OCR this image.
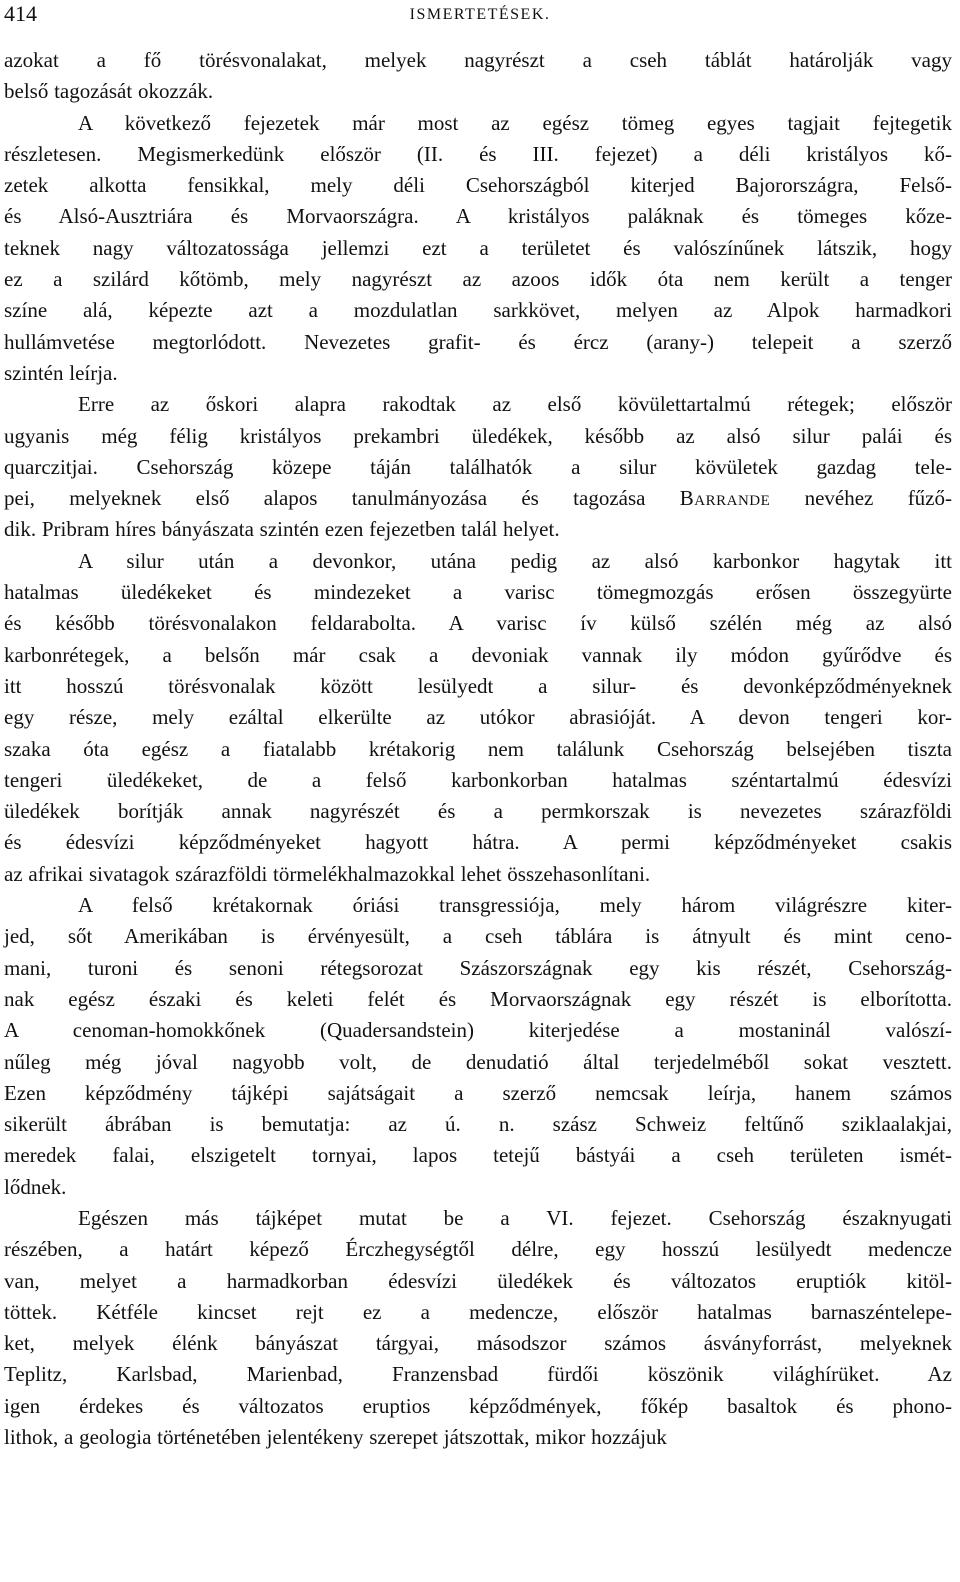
414	ISMERTETÉSEK.

azokat a fő törésvonalakat, melyek nagyrészt a cseh táblát határolják vagy
belső tagozását okozzák.

A következő fejezetek már most az egész tömeg egyes tagjait fejtegetik
részletesen. Megismerkedünk először (II. és III. fejezet) a déli kristályos kő-
zetek alkotta fensikkal, mely déli Csehországból kiterjed Bajorországra, Felső-
és Alsó-Ausztriára és Morvaországra. A kristályos paláknak és tömeges kőze-
teknek nagy változatossága jellemzi ezt a területet és valószínűnek látszik, hogy
ez a szilárd kőtömb, mely nagyrészt az azoos idők óta nem került a tenger
színe alá, képezte azt a mozdulatlan sarkkövet, melyen az Alpok harmadkori
hullámvetése megtorlódott. Nevezetes grafit- és ércz (arany-) telepeit a szerző
szintén leírja.

Erre az őskori alapra rakodtak az első kövülettartalmú rétegek; először
ugyanis még félig kristályos prekambri üledékek, később az alsó silur palái és
quarczitjai. Csehország közepe táján találhatók a silur kövületek gazdag tele-
pei, melyeknek első alapos tanulmányozása és tagozása Barrande nevéhez fűző-
dik. Pribram híres bányászata szintén ezen fejezetben talál helyet.

A silur után a devonkor, utána pedig az alsó karbonkor hagytak itt
hatalmas üledékeket és mindezeket a varisc tömegmozgás erősen összegyürte
és később törésvonalakon feldarabolta. A varisc ív külső szélén még az alsó
karbonrétegek, a belsőn már csak a devoniak vannak ily módon gyűrődve és
itt hosszú törésvonalak között lesülyedt a silur- és devonképződményeknek
egy része, mely ezáltal elkerülte az utókor abrasióját. A devon tengeri kor-
szaka óta egész a fiatalabb krétakorig nem találunk Csehország belsejében tiszta
tengeri üledékeket, de a felső karbonkorban hatalmas széntartalmú édesvízi
üledékek borítják annak nagyrészét és a permkorszak is nevezetes szárazföldi
és édesvízi képződményeket hagyott hátra. A permi képződményeket csakis
az afrikai sivatagok szárazföldi törmelékhalmazokkal lehet összehasonlítani.

A felső krétakornak óriási transgressiója, mely három világrészre kiter-
jed, sőt Amerikában is érvényesült, a cseh táblára is átnyult és mint ceno-
mani, turoni és senoni rétegsorozat Szászországnak egy kis részét, Csehország-
nak egész északi és keleti felét és Morvaországnak egy részét is elborította.
A cenoman-homokkőnek (Quadersandstein) kiterjedése a mostaninál valószí-
nűleg még jóval nagyobb volt, de denudatió által terjedelméből sokat vesztett.
Ezen képződmény tájképi sajátságait a szerző nemcsak leírja, hanem számos
sikerült ábrában is bemutatja: az ú. n. szász Schweiz feltűnő sziklaalakjai,
meredek falai, elszigetelt tornyai, lapos tetejű bástyái a cseh területen ismét-
lődnek.

Egészen más tájképet mutat be a VI. fejezet. Csehország északnyugati
részében, a határt képező Érczhegységtől délre, egy hosszú lesülyedt medencze
van, melyet a harmadkorban édesvízi üledékek és változatos eruptiók kitöl-
töttek. Kétféle kincset rejt ez a medencze, először hatalmas barnaszéntelepe-
ket, melyek élénk bányászat tárgyai, másodszor számos ásványforrást, melyeknek
Teplitz, Karlsbad, Marienbad, Franzensbad fürdői köszönik világhírüket. Az
igen érdekes és változatos eruptios képződmények, főkép basaltok és phono-
lithok, a geologia történetében jelentékeny szerepet játszottak, mikor hozzájuk
